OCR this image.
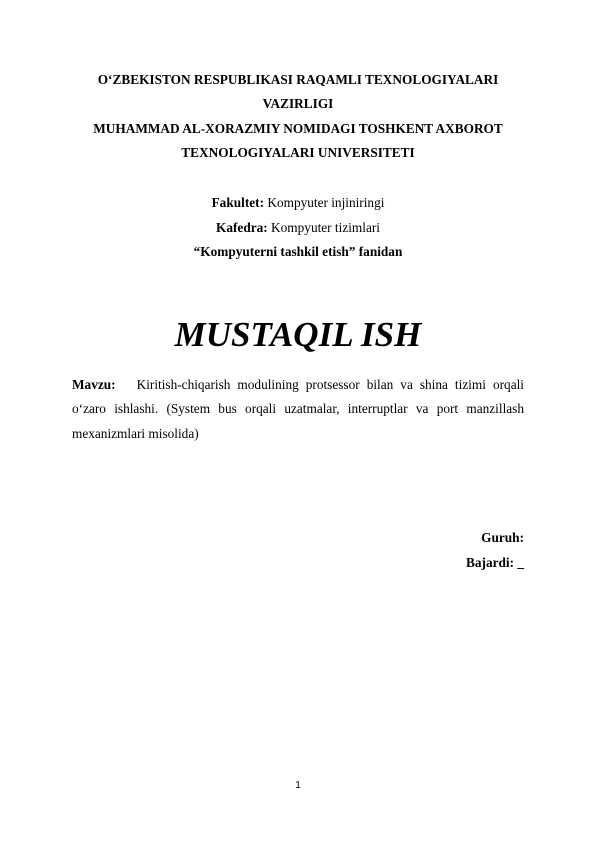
O‘ZBEKISTON RESPUBLIKASI RAQAMLI TEXNOLOGIYALARI

VAZIRLIGI

MUHAMMAD AL-XORAZMIY NOMIDAGI TOSHKENT AXBOROT

TEXNOLOGIYALARI UNIVERSITETI

Fakultet: Kompyuter injiniringi

Kafedra: Kompyuter tizimlari

“Kompyuterni tashkil etish” fanidan

MUSTAQIL ISH
Mavzu: Kiritish-chiqarish modulining protsessor bilan va shina tizimi orqali o‘zaro ishlashi. (System bus orqali uzatmalar, interruptlar va port manzillash mexanizmlari misolida)

Guruh:

Bajardi: _

1
